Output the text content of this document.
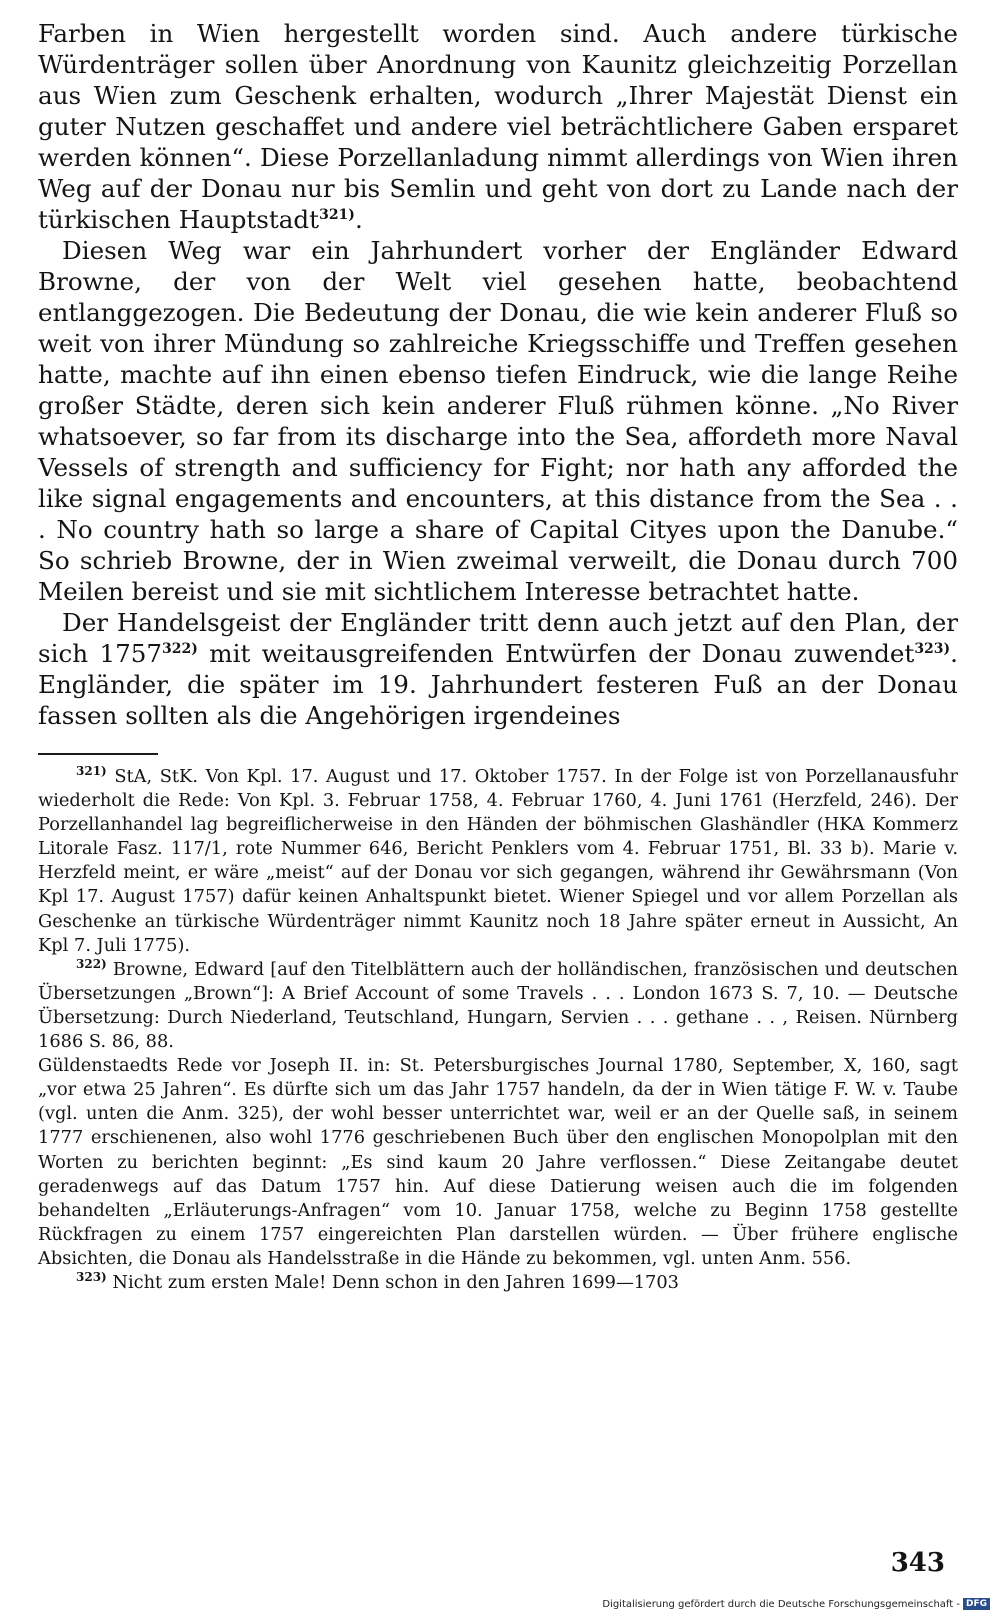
Farben in Wien hergestellt worden sind. Auch andere türkische Würdenträger sollen über Anordnung von Kaunitz gleichzeitig Porzellan aus Wien zum Geschenk erhalten, wodurch „Ihrer Majestät Dienst ein guter Nutzen geschaffet und andere viel beträchtlichere Gaben ersparet werden können“. Diese Porzellanladung nimmt allerdings von Wien ihren Weg auf der Donau nur bis Semlin und geht von dort zu Lande nach der türkischen Hauptstadt$^{321)}$.

Diesen Weg war ein Jahrhundert vorher der Engländer Edward Browne, der von der Welt viel gesehen hatte, beobachtend entlanggezogen. Die Bedeutung der Donau, die wie kein anderer Fluß so weit von ihrer Mündung so zahlreiche Kriegsschiffe und Treffen gesehen hatte, machte auf ihn einen ebenso tiefen Eindruck, wie die lange Reihe großer Städte, deren sich kein anderer Fluß rühmen könne. „No River whatsoever, so far from its discharge into the Sea, affordeth more Naval Vessels of strength and sufficiency for Fight; nor hath any afforded the like signal engagements and encounters, at this distance from the Sea . . . No country hath so large a share of Capital Cityes upon the Danube.“ So schrieb Browne, der in Wien zweimal verweilt, die Donau durch 700 Meilen bereist und sie mit sichtlichem Interesse betrachtet hatte.

Der Handelsgeist der Engländer tritt denn auch jetzt auf den Plan, der sich 1757$^{322)}$ mit weitausgreifenden Entwürfen der Donau zuwendet$^{323)}$. Engländer, die später im 19. Jahrhundert festeren Fuß an der Donau fassen sollten als die Angehörigen irgendeines

$^{321)}$ StA, StK. Von Kpl. 17. August und 17. Oktober 1757. In der Folge ist von Porzellanausfuhr wiederholt die Rede: Von Kpl. 3. Februar 1758, 4. Februar 1760, 4. Juni 1761 (Herzfeld, 246). Der Porzellanhandel lag begreiflicherweise in den Händen der böhmischen Glashändler (HKA Kommerz Litorale Fasz. 117/1, rote Nummer 646, Bericht Penklers vom 4. Februar 1751, Bl. 33 b). Marie v. Herzfeld meint, er wäre „meist“ auf der Donau vor sich gegangen, während ihr Gewährsmann (Von Kpl 17. August 1757) dafür keinen Anhaltspunkt bietet. Wiener Spiegel und vor allem Porzellan als Geschenke an türkische Würdenträger nimmt Kaunitz noch 18 Jahre später erneut in Aussicht, An Kpl 7. Juli 1775).

$^{322)}$ Browne, Edward [auf den Titelblättern auch der holländischen, französischen und deutschen Übersetzungen „Brown“]: A Brief Account of some Travels . . . London 1673 S. 7, 10. — Deutsche Übersetzung: Durch Niederland, Teutschland, Hungarn, Servien . . . gethane . . , Reisen. Nürnberg 1686 S. 86, 88.

Güldenstaedts Rede vor Joseph II. in: St. Petersburgisches Journal 1780, September, X, 160, sagt „vor etwa 25 Jahren“. Es dürfte sich um das Jahr 1757 handeln, da der in Wien tätige F. W. v. Taube (vgl. unten die Anm. 325), der wohl besser unterrichtet war, weil er an der Quelle saß, in seinem 1777 erschienenen, also wohl 1776 geschriebenen Buch über den englischen Monopolplan mit den Worten zu berichten beginnt: „Es sind kaum 20 Jahre verflossen.“ Diese Zeitangabe deutet geradenwegs auf das Datum 1757 hin. Auf diese Datierung weisen auch die im folgenden behandelten „Erläuterungs-Anfragen“ vom 10. Januar 1758, welche zu Beginn 1758 gestellte Rückfragen zu einem 1757 eingereichten Plan darstellen würden. — Über frühere englische Absichten, die Donau als Handelsstraße in die Hände zu bekommen, vgl. unten Anm. 556.

$^{323)}$ Nicht zum ersten Male! Denn schon in den Jahren 1699—1703

343
Digitalisierung gefördert durch die Deutsche Forschungsgemeinschaft - DFG
